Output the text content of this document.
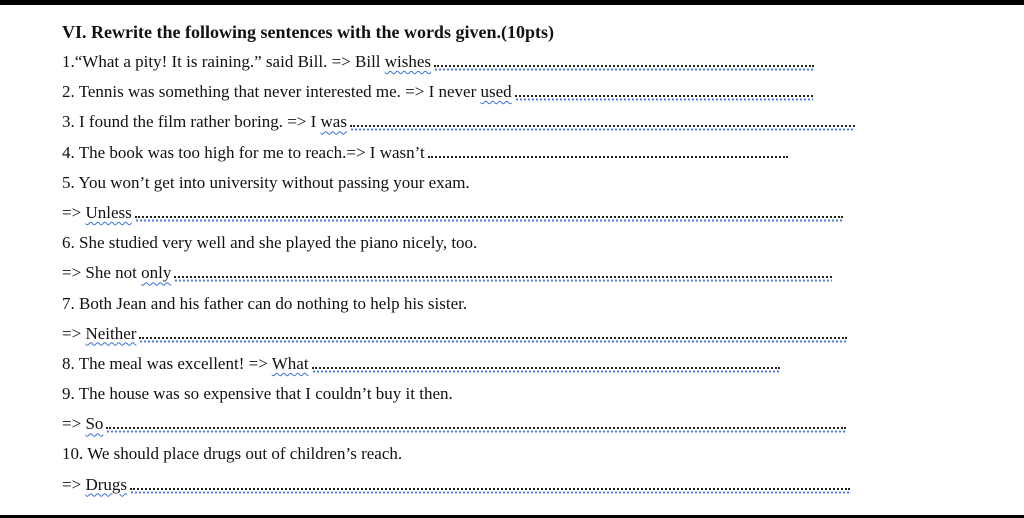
VI. Rewrite the following sentences with the words given.(10pts)
1.“What a pity! It is raining.” said Bill. => Bill wishes
2. Tennis was something that never interested me. => I never used
3. I found the film rather boring. => I was
4. The book was too high for me to reach.=> I wasn’t
5. You won’t get into university without passing your exam.
=> Unless
6. She studied very well and she played the piano nicely, too.
=> She not only
7. Both Jean and his father can do nothing to help his sister.
=> Neither
8. The meal was excellent! => What
9. The house was so expensive that I couldn’t buy it then.
=> So
10. We should place drugs out of children’s reach.
=> Drugs
